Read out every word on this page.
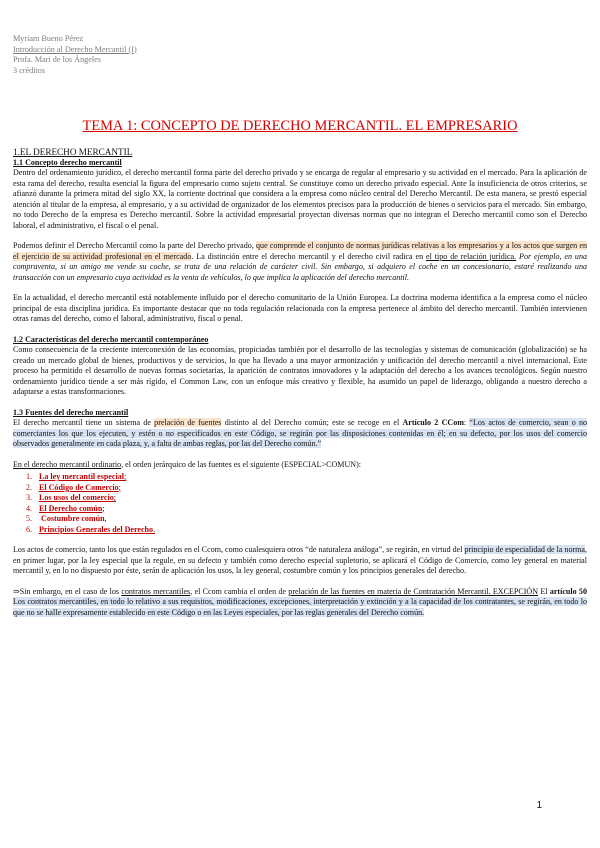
Myriam Bueno Pérez
Introducción al Derecho Mercantil (I)
Profa. Mari de los Ángeles
3 créditos
TEMA 1: CONCEPTO DE DERECHO MERCANTIL. EL EMPRESARIO

1.EL DERECHO MERCANTIL

1.1 Concepto derecho mercantil

Dentro del ordenamiento jurídico, el derecho mercantil forma parte del derecho privado y se encarga de regular al empresario y su actividad en el mercado. Para la aplicación de esta rama del derecho, resulta esencial la figura del empresario como sujeto central. Se constituye como un derecho privado especial. Ante la insuficiencia de otros criterios, se afianzó durante la primera mitad del siglo XX, la corriente doctrinal que considera a la empresa como núcleo central del Derecho Mercantil. De esta manera, se prestó especial atención al titular de la empresa, al empresario, y a su actividad de organizador de los elementos precisos para la producción de bienes o servicios para el mercado. Sin embargo, no todo Derecho de la empresa es Derecho mercantil. Sobre la actividad empresarial proyectan diversas normas que no integran el Derecho mercantil como son el Derecho laboral, el administrativo, el fiscal o el penal.

Podemos definir el Derecho Mercantil como la parte del Derecho privado, que comprende el conjunto de normas jurídicas relativas a los empresarios y a los actos que surgen en el ejercicio de su actividad profesional en el mercado. La distinción entre el derecho mercantil y el derecho civil radica en el tipo de relación jurídica. Por ejemplo, en una compraventa, si un amigo me vende su coche, se trata de una relación de carácter civil. Sin embargo, si adquiero el coche en un concesionario, estaré realizando una transacción con un empresario cuya actividad es la venta de vehículos, lo que implica la aplicación del derecho mercantil.

En la actualidad, el derecho mercantil está notablemente influido por el derecho comunitario de la Unión Europea. La doctrina moderna identifica a la empresa como el núcleo principal de esta disciplina jurídica. Es importante destacar que no toda regulación relacionada con la empresa pertenece al ámbito del derecho mercantil. También intervienen otras ramas del derecho, como el laboral, administrativo, fiscal o penal.

1.2 Características del derecho mercantil contemporáneo

Como consecuencia de la creciente interconexión de las economías, propiciadas también por el desarrollo de las tecnologías y sistemas de comunicación (globalización) se ha creado un mercado global de bienes, productivos y de servicios, lo que ha llevado a una mayor armonización y unificación del derecho mercantil a nivel internacional. Este proceso ha permitido el desarrollo de nuevas formas societarias, la aparición de contratos innovadores y la adaptación del derecho a los avances tecnológicos. Según nuestro ordenamiento jurídico tiende a ser más rígido, el Common Law, con un enfoque más creativo y flexible, ha asumido un papel de liderazgo, obligando a nuestro derecho a adaptarse a estas transformaciones.

1.3 Fuentes del derecho mercantil

El derecho mercantil tiene un sistema de prelación de fuentes distinto al del Derecho común; este se recoge en el Artículo 2 CCom: “Los actos de comercio, sean o no comerciantes los que los ejecuten, y estén o no especificados en este Código, se regirán por las disposiciones contenidas en él; en su defecto, por los usos del comercio observados generalmente en cada plaza, y, a falta de ambas reglas, por las del Derecho común.”

En el derecho mercantil ordinario, el orden jerárquico de las fuentes es el siguiente (ESPECIAL>COMUN):

1. La ley mercantil especial;
2. El Código de Comercio;
3. Los usos del comercio;
4. El Derecho común;
5. Costumbre común,
6. Principios Generales del Derecho.

Los actos de comercio, tanto los que están regulados en el Ccom, como cualesquiera otros “de naturaleza análoga”, se regirán, en virtud del principio de especialidad de la norma, en primer lugar, por la ley especial que la regule, en su defecto y también como derecho especial supletorio, se aplicará el Código de Comercio, como ley general en material mercantil y, en lo no dispuesto por éste, serán de aplicación los usos, la ley general, costumbre común y los principios generales del derecho.

⇒Sin embargo, en el caso de los contratos mercantiles, el Ccom cambia el orden de prelación de las fuentes en materia de Contratación Mercantil. EXCEPCIÓN El artículo 50 Los contratos mercantiles, en todo lo relativo a sus requisitos, modificaciones, excepciones, interpretación y extinción y a la capacidad de los contratantes, se regirán, en todo lo que no se halle expresamente establecido en este Código o en las Leyes especiales, por las reglas generales del Derecho común.

1
